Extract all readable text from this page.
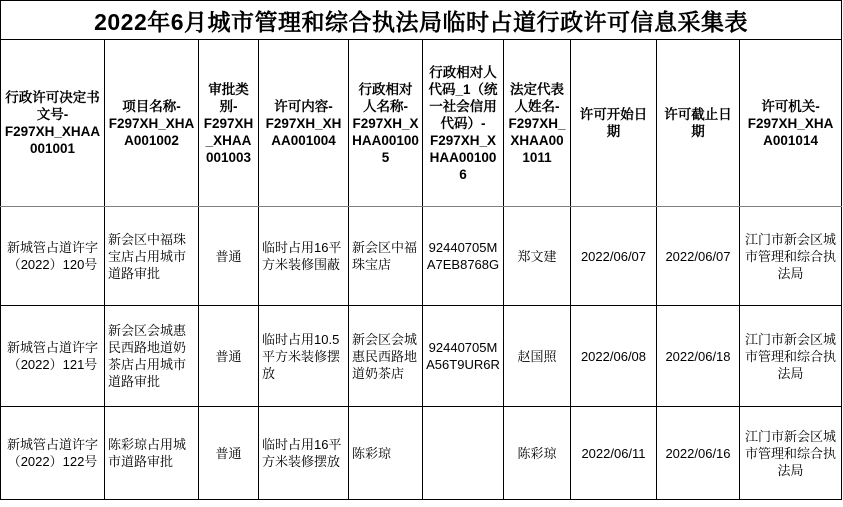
2022年6月城市管理和综合执法局临时占道行政许可信息采集表									
行政许可决定书文号-F297XH_XHAA001001	项目名称-F297XH_XHAA001002	审批类别-F297XH_XHAA001003	许可内容-F297XH_XHAA001004	行政相对人名称-F297XH_XHAA001005	行政相对人代码_1（统一社会信用代码）-F297XH_XHAA001006	法定代表人姓名-F297XH_XHAA001011	许可开始日期	许可截止日期	许可机关-F297XH_XHAA001014
新城管占道许字（2022）120号	新会区中福珠宝店占用城市道路审批	普通	临时占用16平方米装修围蔽	新会区中福珠宝店	92440705MA7EB8768G	郑文建	2022/06/07	2022/06/07	江门市新会区城市管理和综合执法局
新城管占道许字（2022）121号	新会区会城惠民西路地道奶茶店占用城市道路审批	普通	临时占用10.5平方米装修摆放	新会区会城惠民西路地道奶茶店	92440705MA56T9UR6R	赵国照	2022/06/08	2022/06/18	江门市新会区城市管理和综合执法局
新城管占道许字（2022）122号	陈彩琼占用城市道路审批	普通	临时占用16平方米装修摆放	陈彩琼		陈彩琼	2022/06/11	2022/06/16	江门市新会区城市管理和综合执法局
